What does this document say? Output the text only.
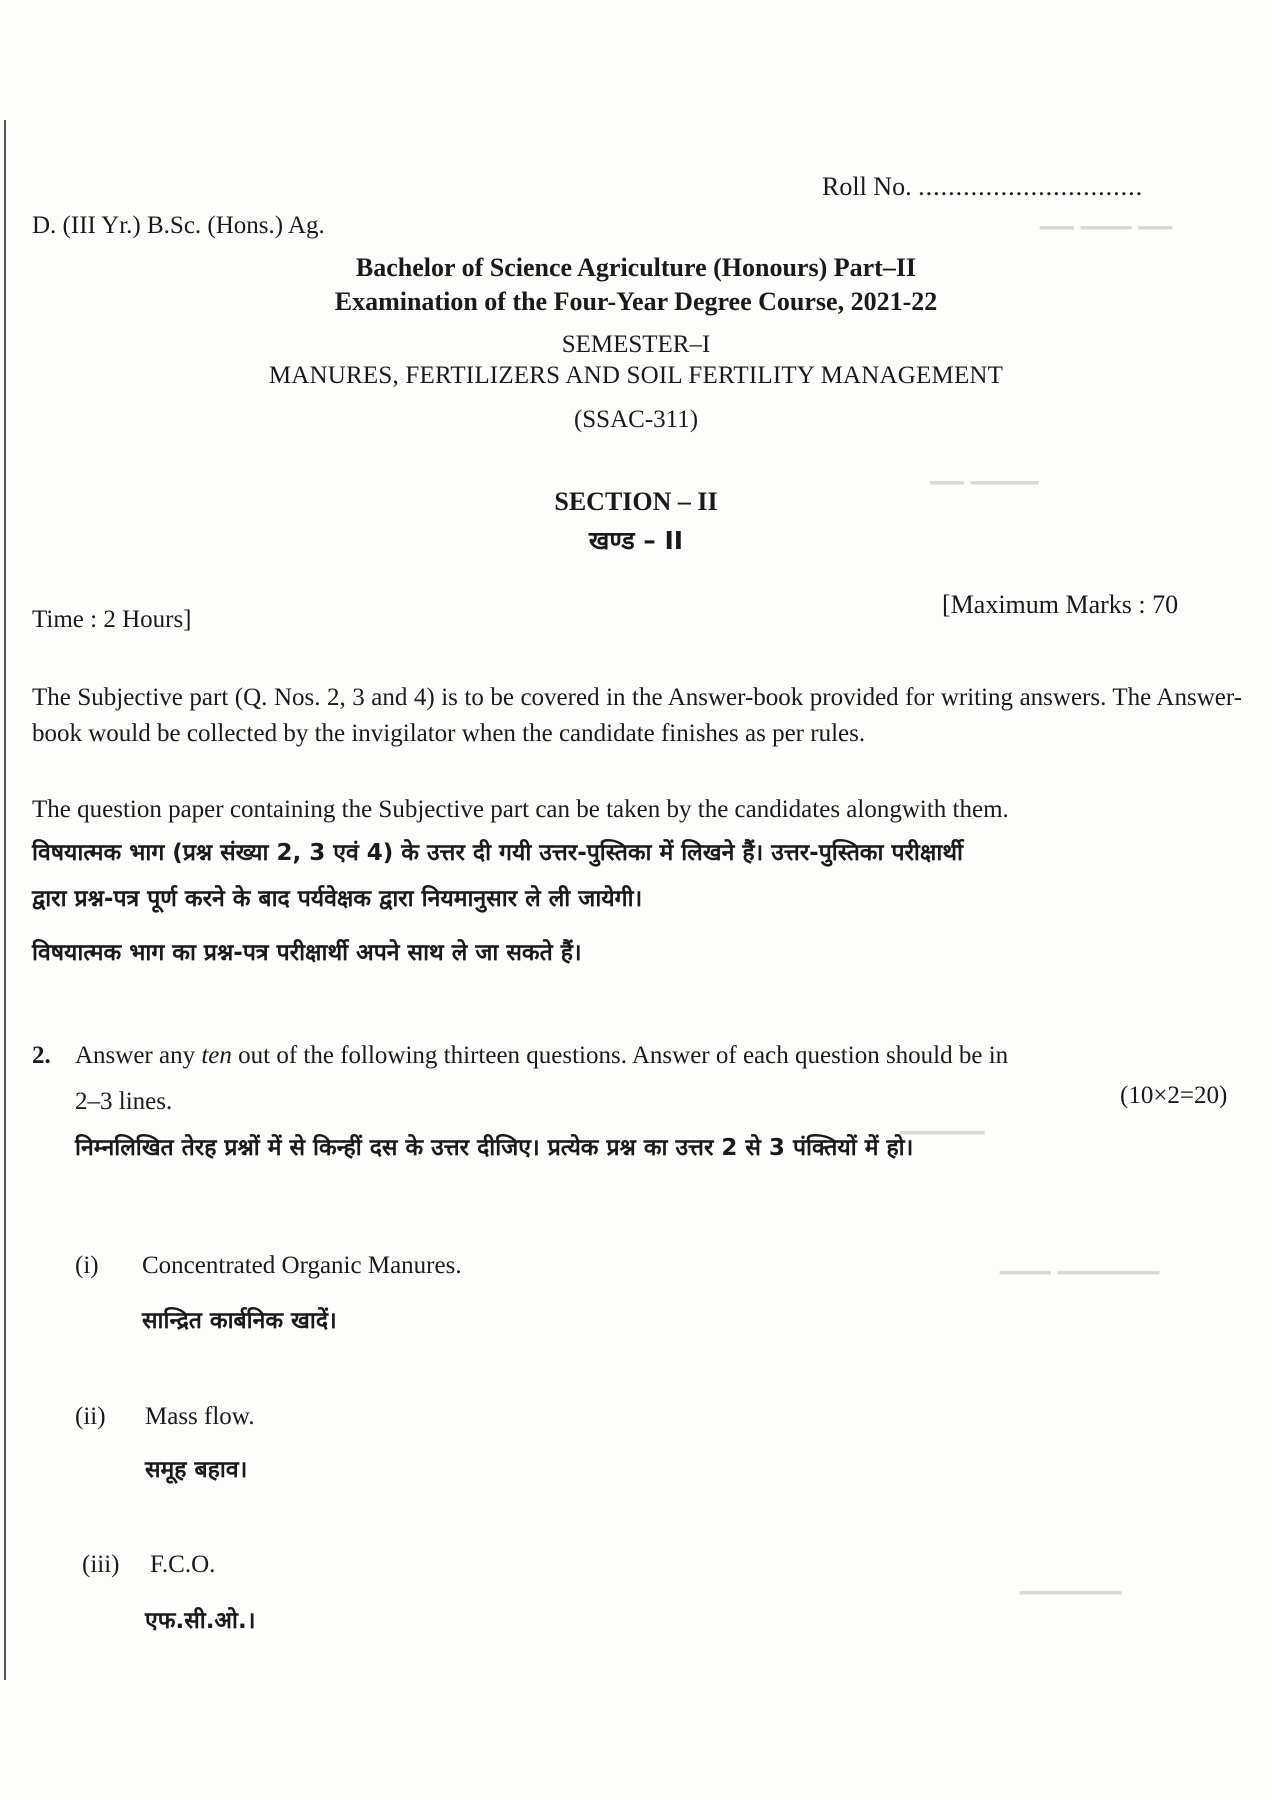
▁▁ ▁▁▁ ▁▁
▁▁ ▁▁▁▁
▁▁▁▁▁
▁▁▁ ▁▁▁▁▁▁
▁▁▁▁▁▁
Roll No. ..............................
D. (III Yr.) B.Sc. (Hons.) Ag.
Bachelor of Science Agriculture (Honours) Part–II
Examination of the Four-Year Degree Course, 2021-22
SEMESTER–I
MANURES, FERTILIZERS AND SOIL FERTILITY MANAGEMENT
(SSAC-311)
SECTION – II
खण्ड – II
Time : 2 Hours]
[Maximum Marks : 70
The Subjective part (Q. Nos. 2, 3 and 4) is to be covered in the Answer-book provided for writing answers. The Answer-book would be collected by the invigilator when the candidate finishes as per rules.
The question paper containing the Subjective part can be taken by the candidates alongwith them.
विषयात्मक भाग (प्रश्न संख्या 2, 3 एवं 4) के उत्तर दी गयी उत्तर-पुस्तिका में लिखने हैं। उत्तर-पुस्तिका परीक्षार्थी
द्वारा प्रश्न-पत्र पूर्ण करने के बाद पर्यवेक्षक द्वारा नियमानुसार ले ली जायेगी।
विषयात्मक भाग का प्रश्न-पत्र परीक्षार्थी अपने साथ ले जा सकते हैं।
2. Answer any ten out of the following thirteen questions. Answer of each question should be in
2–3 lines.	(10×2=20)
निम्नलिखित तेरह प्रश्नों में से किन्हीं दस के उत्तर दीजिए। प्रत्येक प्रश्न का उत्तर 2 से 3 पंक्तियों में हो।
(i) Concentrated Organic Manures.
सान्द्रित कार्बनिक खादें।
(ii) Mass flow.
समूह बहाव।
(iii) F.C.O.
एफ.सी.ओ.।
